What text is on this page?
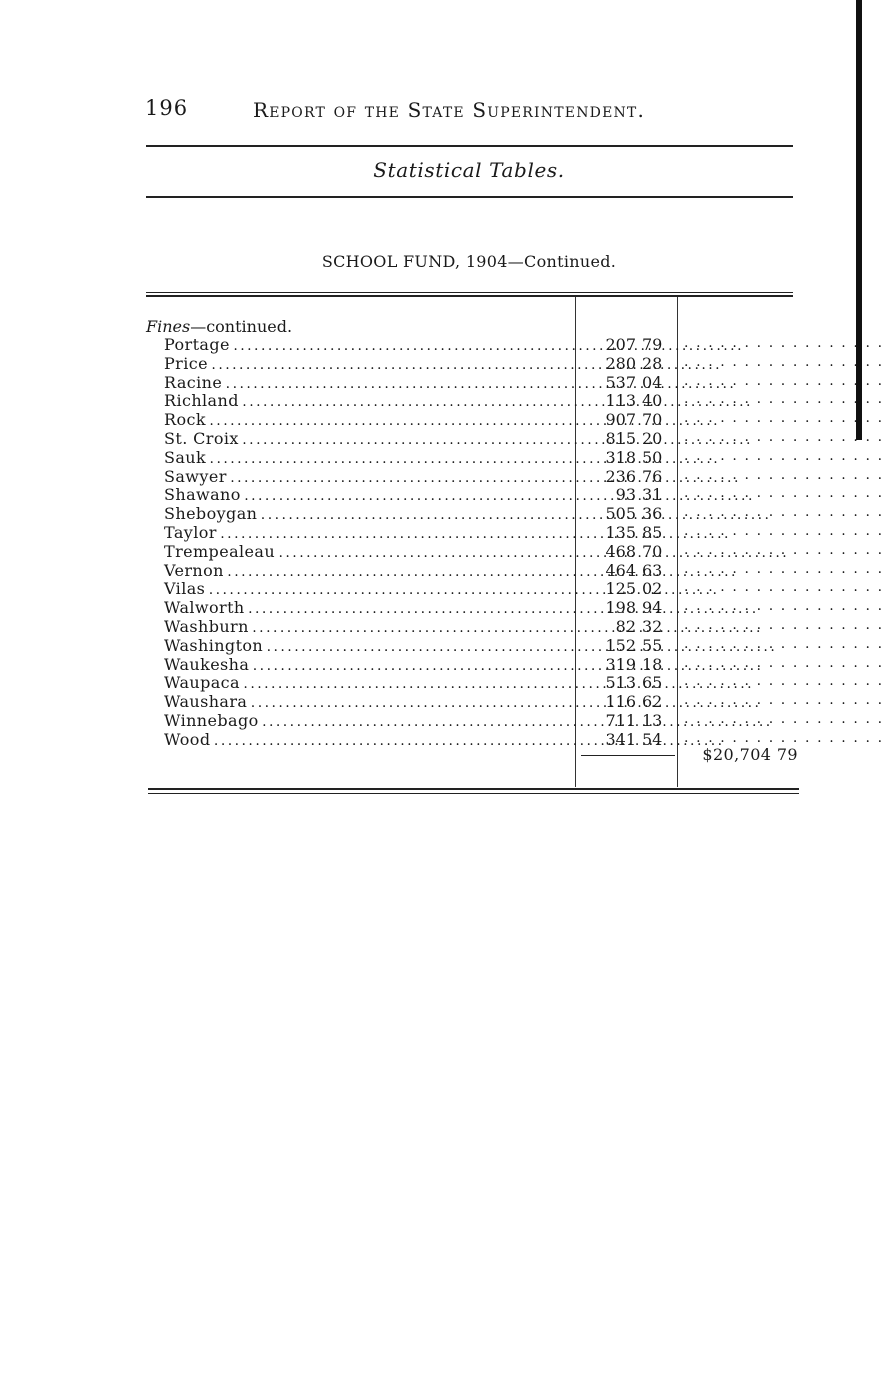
196	Report of the State Superintendent.
Statistical Tables.
SCHOOL FUND, 1904—Continued.
Fines—continued.
Portage . . .	207 79 . . . . . . . . . . . . . . . . .
Price . . .	280 28 . . . . . . . . . . . . . . . . .
Racine . . .	537 04 . . . . . . . . . . . . . . . . .
Richland . . .	113 40 . . . . . . . . . . . . . . . . .
Rock . . .	907 70 . . . . . . . . . . . . . . . . .
St. Croix . . .	815 20 . . . . . . . . . . . . . . . . .
Sauk . . .	318 50 . . . . . . . . . . . . . . . . .
Sawyer . . .	236 76 . . . . . . . . . . . . . . . . .
Shawano . . .	93 31 . . . . . . . . . . . . . . . . .
Sheboygan . . .	505 36 . . . . . . . . . . . . . . . . .
Taylor . . .	135 85 . . . . . . . . . . . . . . . . .
Trempealeau . . .	468 70 . . . . . . . . . . . . . . . . .
Vernon . . .	464 63 . . . . . . . . . . . . . . . . .
Vilas . . .	125 02 . . . . . . . . . . . . . . . . .
Walworth . . .	198 94 . . . . . . . . . . . . . . . . .
Washburn . . .	82 32 . . . . . . . . . . . . . . . . .
Washington . . .	152 55 . . . . . . . . . . . . . . . . .
Waukesha . . .	319 18 . . . . . . . . . . . . . . . . .
Waupaca . . .	513 65 . . . . . . . . . . . . . . . . .
Waushara . . .	116 62 . . . . . . . . . . . . . . . . .
Winnebago . . .	711 13 . . . . . . . . . . . . . . . . .
Wood . . .	341 54 . . . . . . . . . . . . . . . . .
$20,704 79
